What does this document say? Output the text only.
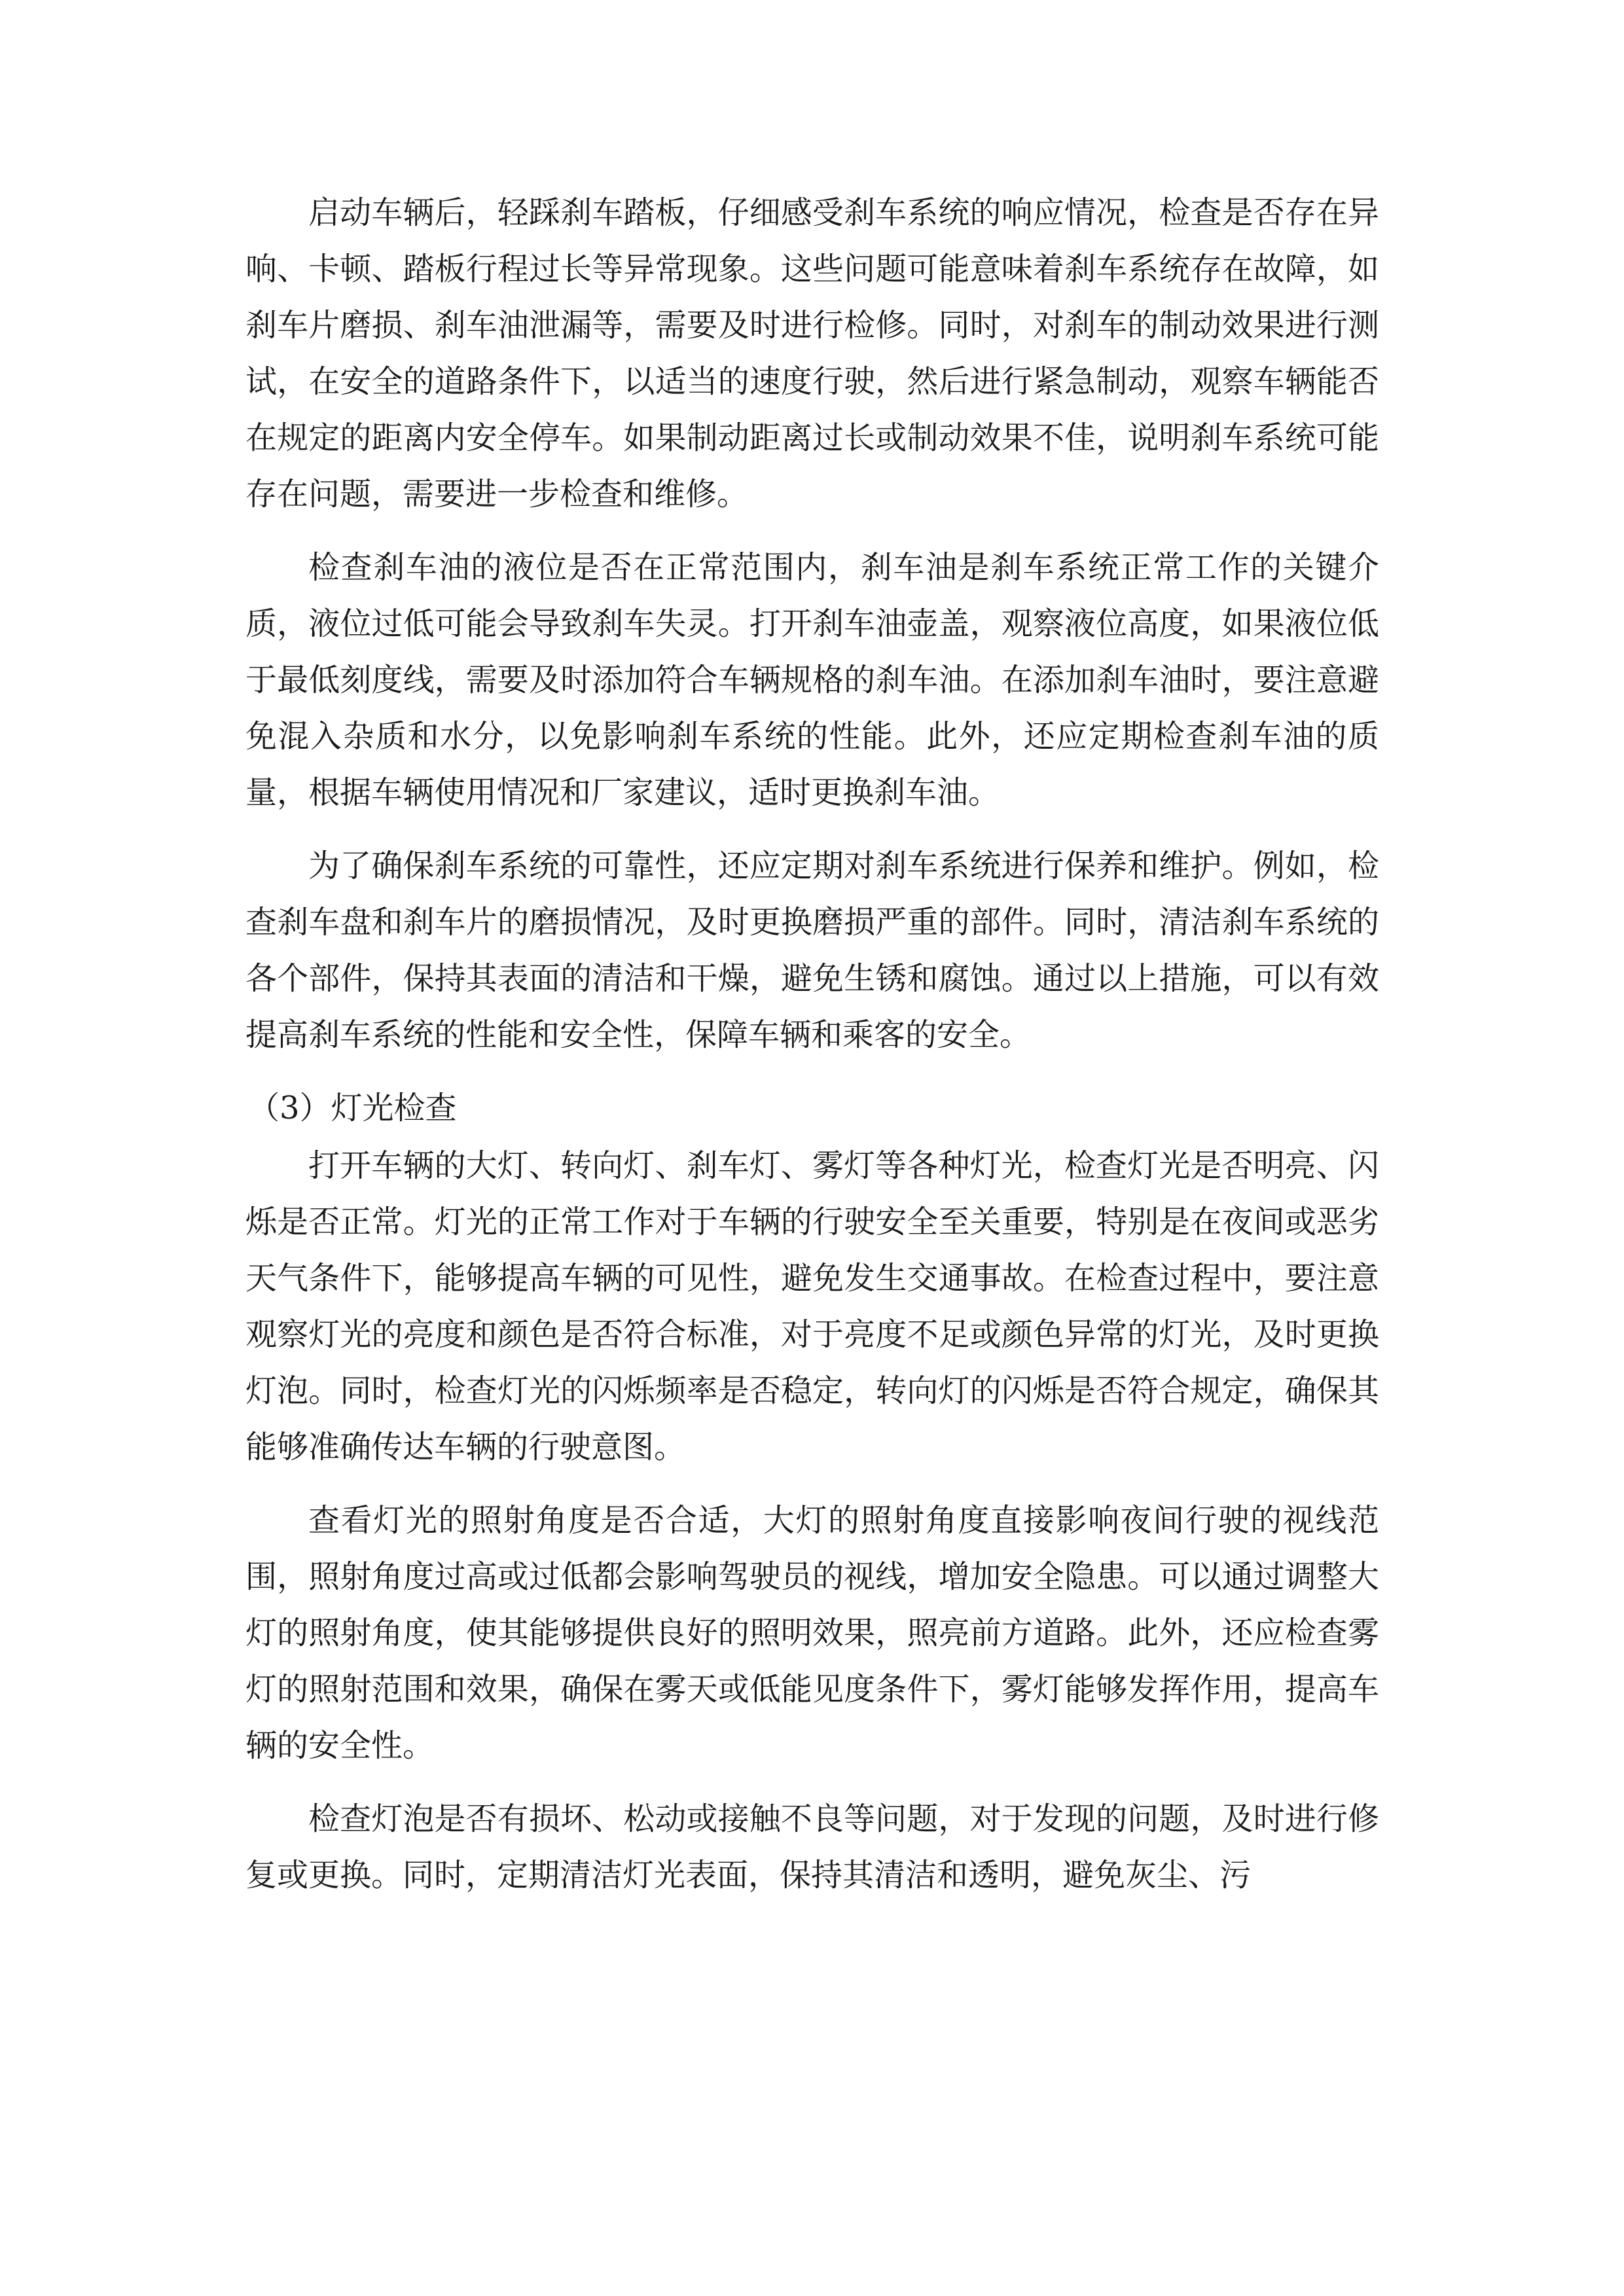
启动车辆后，轻踩刹车踏板，仔细感受刹车系统的响应情况，检查是否存在异响、卡顿、踏板行程过长等异常现象。这些问题可能意味着刹车系统存在故障，如刹车片磨损、刹车油泄漏等，需要及时进行检修。同时，对刹车的制动效果进行测试，在安全的道路条件下，以适当的速度行驶，然后进行紧急制动，观察车辆能否在规定的距离内安全停车。如果制动距离过长或制动效果不佳，说明刹车系统可能存在问题，需要进一步检查和维修。

检查刹车油的液位是否在正常范围内，刹车油是刹车系统正常工作的关键介质，液位过低可能会导致刹车失灵。打开刹车油壶盖，观察液位高度，如果液位低于最低刻度线，需要及时添加符合车辆规格的刹车油。在添加刹车油时，要注意避免混入杂质和水分，以免影响刹车系统的性能。此外，还应定期检查刹车油的质量，根据车辆使用情况和厂家建议，适时更换刹车油。

为了确保刹车系统的可靠性，还应定期对刹车系统进行保养和维护。例如，检查刹车盘和刹车片的磨损情况，及时更换磨损严重的部件。同时，清洁刹车系统的各个部件，保持其表面的清洁和干燥，避免生锈和腐蚀。通过以上措施，可以有效提高刹车系统的性能和安全性，保障车辆和乘客的安全。

（3）灯光检查

打开车辆的大灯、转向灯、刹车灯、雾灯等各种灯光，检查灯光是否明亮、闪烁是否正常。灯光的正常工作对于车辆的行驶安全至关重要，特别是在夜间或恶劣天气条件下，能够提高车辆的可见性，避免发生交通事故。在检查过程中，要注意观察灯光的亮度和颜色是否符合标准，对于亮度不足或颜色异常的灯光，及时更换灯泡。同时，检查灯光的闪烁频率是否稳定，转向灯的闪烁是否符合规定，确保其能够准确传达车辆的行驶意图。

查看灯光的照射角度是否合适，大灯的照射角度直接影响夜间行驶的视线范围，照射角度过高或过低都会影响驾驶员的视线，增加安全隐患。可以通过调整大灯的照射角度，使其能够提供良好的照明效果，照亮前方道路。此外，还应检查雾灯的照射范围和效果，确保在雾天或低能见度条件下，雾灯能够发挥作用，提高车辆的安全性。

检查灯泡是否有损坏、松动或接触不良等问题，对于发现的问题，及时进行修复或更换。同时，定期清洁灯光表面，保持其清洁和透明，避免灰尘、污
